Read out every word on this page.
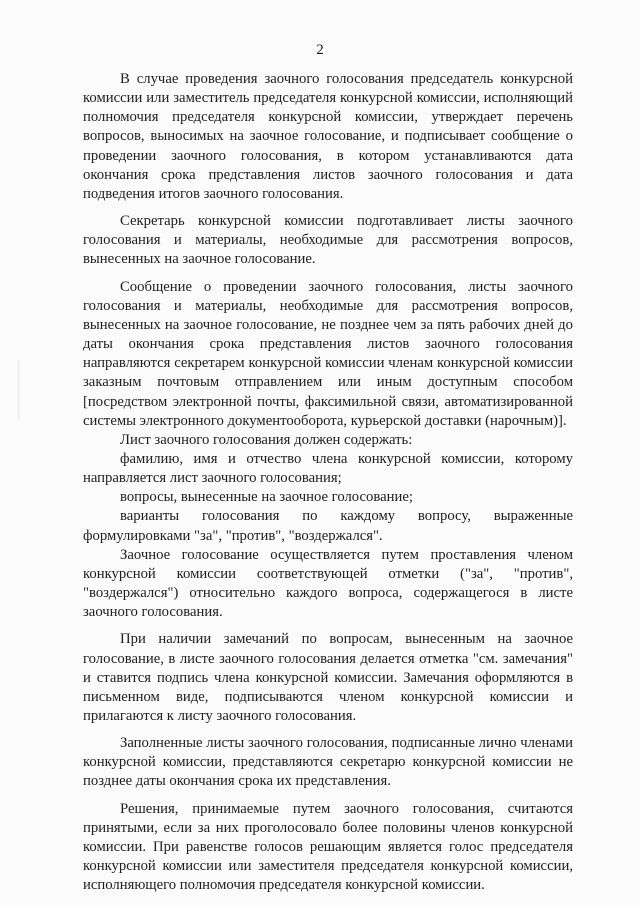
2

В случае проведения заочного голосования председатель конкурсной комиссии или заместитель председателя конкурсной комиссии, исполняющий полномочия председателя конкурсной комиссии, утверждает перечень вопросов, выносимых на заочное голосование, и подписывает сообщение о проведении заочного голосования, в котором устанавливаются дата окончания срока представления листов заочного голосования и дата подведения итогов заочного голосования.

Секретарь конкурсной комиссии подготавливает листы заочного голосования и материалы, необходимые для рассмотрения вопросов, вынесенных на заочное голосование.

Сообщение о проведении заочного голосования, листы заочного голосования и материалы, необходимые для рассмотрения вопросов, вынесенных на заочное голосование, не позднее чем за пять рабочих дней до даты окончания срока представления листов заочного голосования направляются секретарем конкурсной комиссии членам конкурсной комиссии заказным почтовым отправлением или иным доступным способом [посредством электронной почты, факсимильной связи, автоматизированной системы электронного документооборота, курьерской доставки (нарочным)].

Лист заочного голосования должен содержать:

фамилию, имя и отчество члена конкурсной комиссии, которому направляется лист заочного голосования;

вопросы, вынесенные на заочное голосование;

варианты голосования по каждому вопросу, выраженные формулировками "за", "против", "воздержался".

Заочное голосование осуществляется путем проставления членом конкурсной комиссии соответствующей отметки ("за", "против", "воздержался") относительно каждого вопроса, содержащегося в листе заочного голосования.

При наличии замечаний по вопросам, вынесенным на заочное голосование, в листе заочного голосования делается отметка "см. замечания" и ставится подпись члена конкурсной комиссии. Замечания оформляются в письменном виде, подписываются членом конкурсной комиссии и прилагаются к листу заочного голосования.

Заполненные листы заочного голосования, подписанные лично членами конкурсной комиссии, представляются секретарю конкурсной комиссии не позднее даты окончания срока их представления.

Решения, принимаемые путем заочного голосования, считаются принятыми, если за них проголосовало более половины членов конкурсной комиссии. При равенстве голосов решающим является голос председателя конкурсной комиссии или заместителя председателя конкурсной комиссии, исполняющего полномочия председателя конкурсной комиссии.
